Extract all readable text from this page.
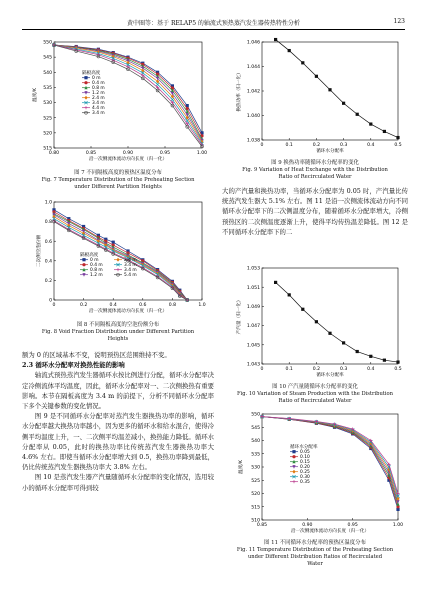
黄中圈等：基于 RELAP5 的轴流式预热蒸汽发生器传热特性分析	123
0.80	0.85	0.90	0.95	1.00
515
520
525
530
535
540
545
550
沿一次侧流体流动方向长度（归一化）
温度/K
隔板高度
0 m
0.4 m
0.8 m
1.2 m
2.4 m
3.4 m
4.4 m
3.4 m
图 7 不同隔板高度的预热区温度分布
Fig. 7 Temperature Distribution of the Preheating Section
under Different Partition Heights
0	0.2	0.4	0.6	0.8	1.0
0
0.2
0.4
0.6
0.8
1.0
沿一次侧流体流动方向长度（归一化）
二次侧空泡份额	隔板高度
0 m
0.4 m
0.8 m
1.2 m
2.4 m
3.4 m
3.4 m
5.4 m
图 8 不同隔板高度的空泡份额分布
Fig. 8 Void Fraction Distribution under Different Partition
Heights

额为 0 的区域基本不变，说明预热区范围维持不变。

2.3 循环水分配率对换热性能的影响

轴流式预热蒸汽发生器循环水按比例进行分配，循环水分配率决定冷侧流体平均温度，因此，循环水分配率对一、二次侧换热有重要影响。本节在隔板高度为 3.4 m 的前提下，分析不同循环水分配率下多个关键参数的变化情况。

图 9 是不同循环水分配率对蒸汽发生器换热功率的影响，循环水分配率越大换热功率越小，因为更多的循环水和给水混合，使得冷侧平均温度上升，一、二次侧平均温差减小，换热能力降低。循环水分配率从 0.05，此时的换热功率比传统蒸汽发生器换热功率大 4.6% 左右。即使当循环水分配率增大到 0.5，换热功率降到最低，仍比传统蒸汽发生器换热功率大 3.8% 左右。

图 10 是蒸汽发生器产汽量随循环水分配率的变化情况，选用较小的循环水分配率可得到较

0	0.1	0.2	0.3	0.4	0.5
1.038
1.040
1.042
1.044
1.046
循环水分配率
换热功率（归一化）
图 9 换热功率随循环水分配率的变化
Fig. 9 Variation of Heat Exchange with the Distribution
Ratio of Recirculated Water

大的产汽量和换热功率，当循环水分配率为 0.05 时，产汽量比传统蒸汽发生器大 5.1% 左右。图 11 是沿一次侧流体流动方向不同循环水分配率下的二次侧温度分布，随着循环水分配率增大，冷侧预热区的二次侧温度逐渐上升，使得平均传热温差降低。图 12 是不同循环水分配率下的二

0	0.1	0.2	0.3	0.4	0.5
1.043
1.045
1.047
1.049
1.051
1.053
循环水分配率
产汽量（归一化）
图 10 产汽量随循环水分配率的变化
Fig. 10 Variation of Steam Production with the Distribution
Ratio of Recirculated Water
0.85	0.90	0.95	1.00
510
515
520
525
530
535
540
545
550
沿一次侧流体流动方向长度（归一化）
温度/K
循环水分配率
0.05
0.10
0.15
0.20
0.25
0.30
0.35
图 11 不同循环水分配率的预热区温度分布
Fig. 11 Temperature Distribution of the Preheating Section
under Different Distribution Ratios of Recirculated
Water
